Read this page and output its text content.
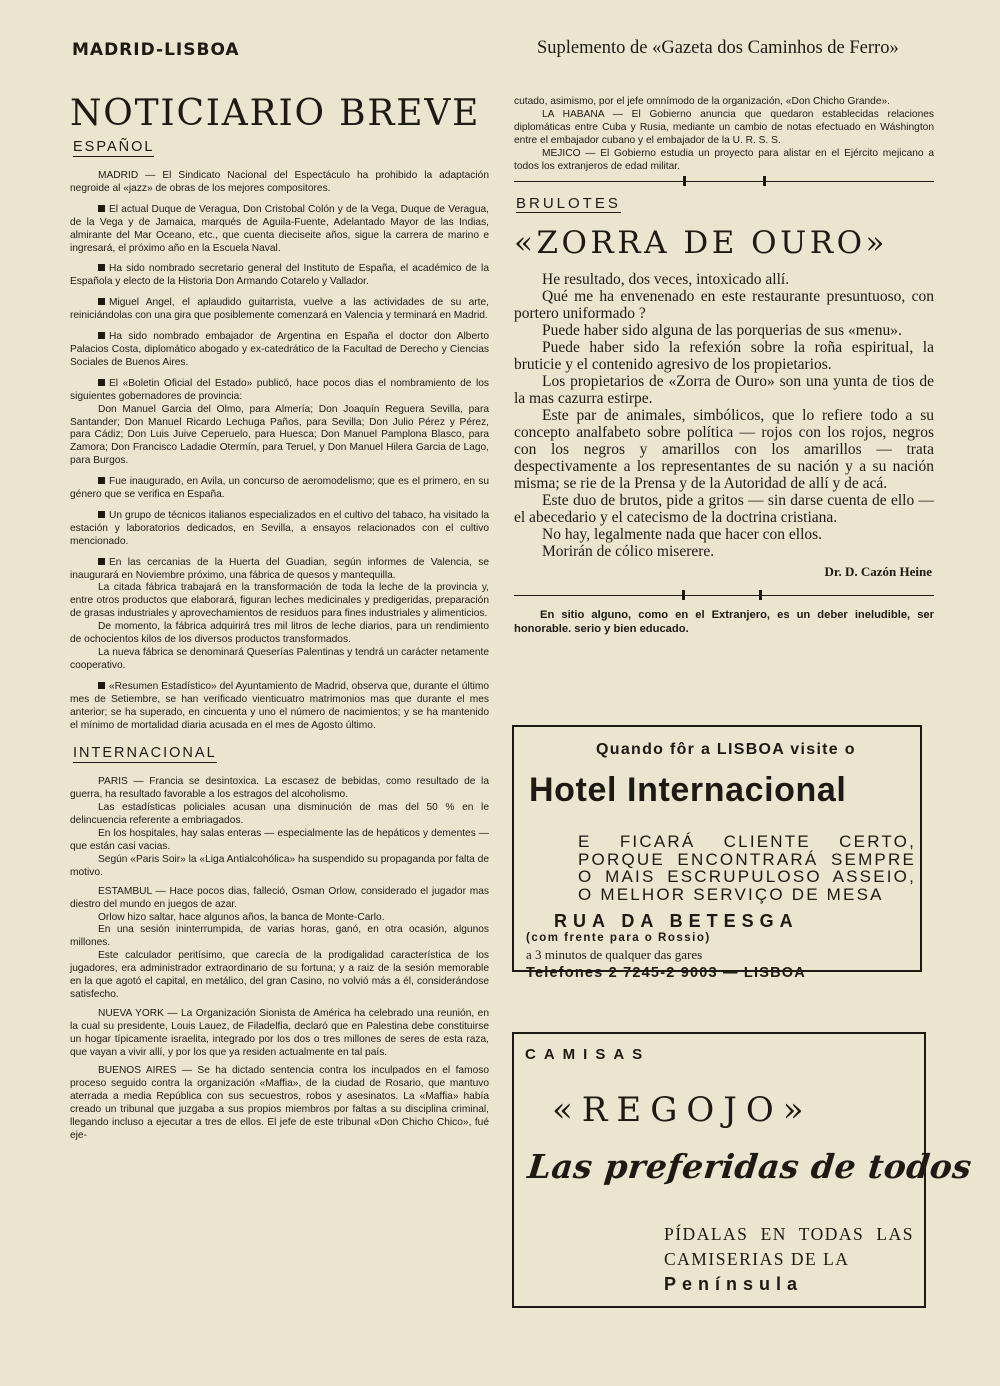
MADRID-LISBOA	Suplemento de «Gazeta dos Caminhos de Ferro»
NOTICIARIO BREVE
ESPAÑOL

MADRID — El Sindicato Nacional del Espectáculo ha prohibido la adaptación negroide al «jazz» de obras de los mejores compositores.

El actual Duque de Veragua, Don Cristobal Colón y de la Vega, Duque de Veragua, de la Vega y de Jamaica, marqués de Aguila-Fuente, Adelantado Mayor de las Indias, almirante del Mar Oceano, etc., que cuenta dieciseite años, sigue la carrera de marino e ingresará, el próximo año en la Escuela Naval.

Ha sido nombrado secretario general del Instituto de España, el académico de la Española y electo de la Historia Don Armando Cotarelo y Vallador.

Miguel Angel, el aplaudido guitarrista, vuelve a las actividades de su arte, reiniciándolas con una gira que posiblemente comenzará en Valencia y terminará en Madrid.

Ha sido nombrado embajador de Argentina en España el doctor don Alberto Palacios Costa, diplomático abogado y ex-catedrático de la Facultad de Derecho y Ciencias Sociales de Buenos Aires.

El «Boletin Oficial del Estado» publicó, hace pocos dias el nombramiento de los siguientes gobernadores de provincia:

Don Manuel Garcia del Olmo, para Almería; Don Joaquín Reguera Sevilla, para Santander; Don Manuel Ricardo Lechuga Paños, para Sevilla; Don Julio Pérez y Pérez, para Cádiz; Don Luis Juive Ceperuelo, para Huesca; Don Manuel Pamplona Blasco, para Zamora; Don Francisco Ladadie Otermín, para Teruel, y Don Manuel Hilera Garcia de Lago, para Burgos.

Fue inaugurado, en Avila, un concurso de aeromodelismo; que es el primero, en su género que se verifica en España.

Un grupo de técnicos italianos especializados en el cultivo del tabaco, ha visitado la estación y laboratorios dedicados, en Sevilla, a ensayos relacionados con el cultivo mencionado.

En las cercanias de la Huerta del Guadian, según informes de Valencia, se inaugurará en Noviembre próximo, una fábrica de quesos y mantequilla.

La citada fábrica trabajará en la transformación de toda la leche de la provincia y, entre otros productos que elaborará, figuran leches medicinales y predigeridas, preparación de grasas industriales y aprovechamientos de residuos para fines industriales y alimenticios.

De momento, la fábrica adquirirá tres mil litros de leche diarios, para un rendimiento de ochocientos kilos de los diversos productos transformados.

La nueva fábrica se denominará Queserías Palentinas y tendrá un carácter netamente cooperativo.

«Resumen Estadístico» del Ayuntamiento de Madrid, observa que, durante el último mes de Setiembre, se han verificado vienticuatro matrimonios mas que durante el mes anterior; se ha superado, en cincuenta y uno el número de nacimientos; y se ha mantenido el mínimo de mortalidad diaria acusada en el mes de Agosto último.

INTERNACIONAL

PARIS — Francia se desintoxica. La escasez de bebidas, como resultado de la guerra, ha resultado favorable a los estragos del alcoholismo.

Las estadísticas policiales acusan una disminución de mas del 50 % en le delincuencia referente a embriagados.

En los hospitales, hay salas enteras — especialmente las de hepáticos y dementes — que están casi vacias.

Según «Paris Soir» la «Liga Antialcohólica» ha suspendido su propaganda por falta de motivo.

ESTAMBUL — Hace pocos dias, falleció, Osman Orlow, considerado el jugador mas diestro del mundo en juegos de azar.

Orlow hizo saltar, hace algunos años, la banca de Monte-Carlo.

En una sesión ininterrumpida, de varias horas, ganó, en otra ocasión, algunos millones.

Este calculador peritísimo, que carecía de la prodigalidad característica de los jugadores, era administrador extraordinario de su fortuna; y a raiz de la sesión memorable en la que agotó el capital, en metálico, del gran Casino, no volvió más a él, considerándose satisfecho.

NUEVA YORK — La Organización Sionista de América ha celebrado una reunión, en la cual su presidente, Louis Lauez, de Filadelfia, declaró que en Palestina debe constituirse un hogar típicamente israelita, integrado por los dos o tres millones de seres de esta raza, que vayan a vivir allí, y por los que ya residen actualmente en tal país.

BUENOS AIRES — Se ha dictado sentencia contra los inculpados en el famoso proceso seguido contra la organización «Maffia», de la ciudad de Rosario, que mantuvo aterrada a media República con sus secuestros, robos y asesinatos. La «Maffia» había creado un tribunal que juzgaba a sus propios miembros por faltas a su disciplina criminal, llegando incluso a ejecutar a tres de ellos. El jefe de este tribunal «Don Chicho Chico», fué eje-

cutado, asimismo, por el jefe omnímodo de la organización, «Don Chicho Grande».

LA HABANA — El Gobierno anuncia que quedaron establecidas relaciones diplomáticas entre Cuba y Rusia, mediante un cambio de notas efectuado en Wáshington entre el embajador cubano y el embajador de la U. R. S. S.

MEJICO — El Gobierno estudia un proyecto para alistar en el Ejército mejicano a todos los extranjeros de edad militar.

BRULOTES
«ZORRA DE OURO»

He resultado, dos veces, intoxicado allí.

Qué me ha envenenado en este restaurante presuntuoso, con portero uniformado ?

Puede haber sido alguna de las porquerias de sus «menu».

Puede haber sido la refexión sobre la roña espiritual, la bruticie y el contenido agresivo de los propietarios.

Los propietarios de «Zorra de Ouro» son una yunta de tios de la mas cazurra estirpe.

Este par de animales, simbólicos, que lo refiere todo a su concepto analfabeto sobre política — rojos con los rojos, negros con los negros y amarillos con los amarillos — trata despectivamente a los representantes de su nación y a su nación misma; se rie de la Prensa y de la Autoridad de allí y de acá.

Este duo de brutos, pide a gritos — sin darse cuenta de ello — el abecedario y el catecismo de la doctrina cristiana.

No hay, legalmente nada que hacer con ellos.

Morirán de cólico miserere.

Dr. D. Cazón Heine

En sitio alguno, como en el Extranjero, es un deber ineludible, ser honorable. serio y bien educado.

Quando fôr a LISBOA visite o
Hotel Internacional
E FICARÁ CLIENTE CERTO, PORQUE ENCONTRARÁ SEMPRE O MAIS ESCRUPULOSO ASSEIO, O MELHOR SERVIÇO DE MESA
RUA DA BETESGA
(com frente para o Rossio)
a 3 minutos de qualquer das gares
Telefones 2 7245-2 9003 — LISBOA
CAMISAS
«REGOJO»
Las preferidas de todos
PÍDALAS EN TODAS LAS CAMISERIAS DE LA
Península
